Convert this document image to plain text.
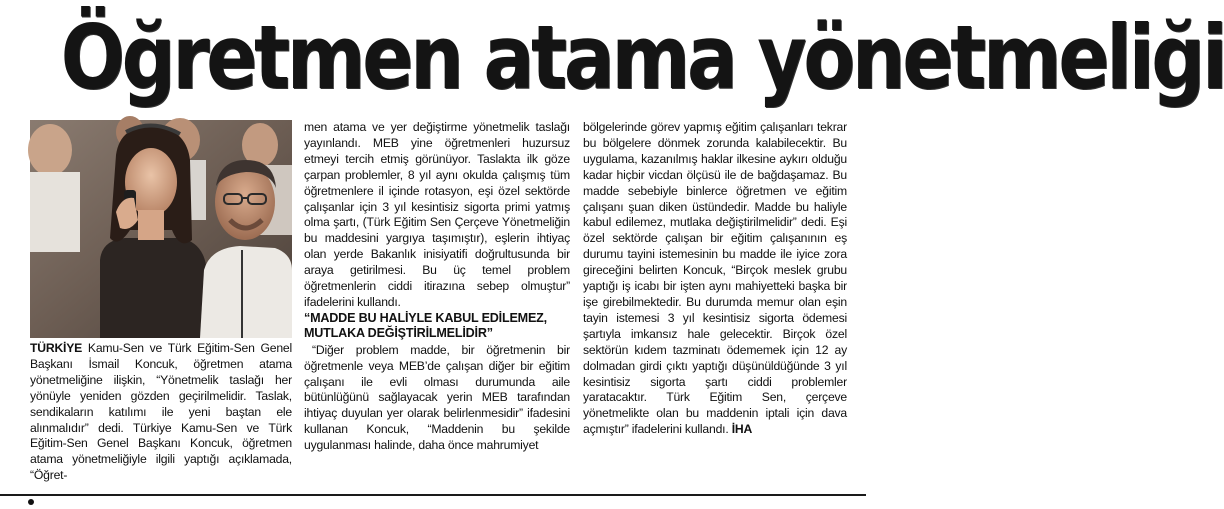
Öğretmen atama yönetmeliği

TÜRKİYE Kamu-Sen ve Türk Eğitim-Sen Genel Başkanı İsmail Koncuk, öğretmen atama yönetmeliğine ilişkin, “Yönetmelik taslağı her yönüyle yeniden gözden geçirilmelidir. Taslak, sendikaların katılımı ile yeni baştan ele alınmalıdır” dedi. Türkiye Kamu-Sen ve Türk Eğitim-Sen Genel Başkanı Koncuk, öğretmen atama yönetmeliğiyle ilgili yaptığı açıklamada, “Öğret-

men atama ve yer değiştirme yönetmelik taslağı yayınlandı. MEB yine öğretmenleri huzursuz etmeyi tercih etmiş görünüyor. Taslakta ilk göze çarpan problemler, 8 yıl aynı okulda çalışmış tüm öğretmenlere il içinde rotasyon, eşi özel sektörde çalışanlar için 3 yıl kesintisiz sigorta primi yatmış olma şartı, (Türk Eğitim Sen Çerçeve Yönetmeliğin bu maddesini yargıya taşımıştır), eşlerin ihtiyaç olan yerde Bakanlık inisiyatifi doğrultusunda bir araya getirilmesi. Bu üç temel problem öğretmenlerin ciddi itirazına sebep olmuştur” ifadelerini kullandı.

“MADDE BU HALİYLE KABUL EDİLEMEZ, MUTLAKA DEĞİŞTİRİLMELİDİR”

“Diğer problem madde, bir öğretmenin bir öğretmenle veya MEB’de çalışan diğer bir eğitim çalışanı ile evli olması durumunda aile bütünlüğünü sağlayacak yerin MEB tarafından ihtiyaç duyulan yer olarak belirlenmesidir” ifadesini kullanan Koncuk, “Maddenin bu şekilde uygulanması halinde, daha önce mahrumiyet

bölgelerinde görev yapmış eğitim çalışanları tekrar bu bölgelere dönmek zorunda kalabilecektir. Bu uygulama, kazanılmış haklar ilkesine aykırı olduğu kadar hiçbir vicdan ölçüsü ile de bağdaşamaz. Bu madde sebebiyle binlerce öğretmen ve eğitim çalışanı şuan diken üstündedir. Madde bu haliyle kabul edilemez, mutlaka değiştirilmelidir” dedi. Eşi özel sektörde çalışan bir eğitim çalışanının eş durumu tayini istemesinin bu madde ile iyice zora gireceğini belirten Koncuk, “Birçok meslek grubu yaptığı iş icabı bir işten aynı mahiyetteki başka bir işe girebilmektedir. Bu durumda memur olan eşin tayin istemesi 3 yıl kesintisiz sigorta ödemesi şartıyla imkansız hale gelecektir. Birçok özel sektörün kıdem tazminatı ödememek için 12 ay dolmadan girdi çıktı yaptığı düşünüldüğünde 3 yıl kesintisiz sigorta şartı ciddi problemler yaratacaktır. Türk Eğitim Sen, çerçeve yönetmelikte olan bu maddenin iptali için dava açmıştır” ifadelerini kullandı. İHA
